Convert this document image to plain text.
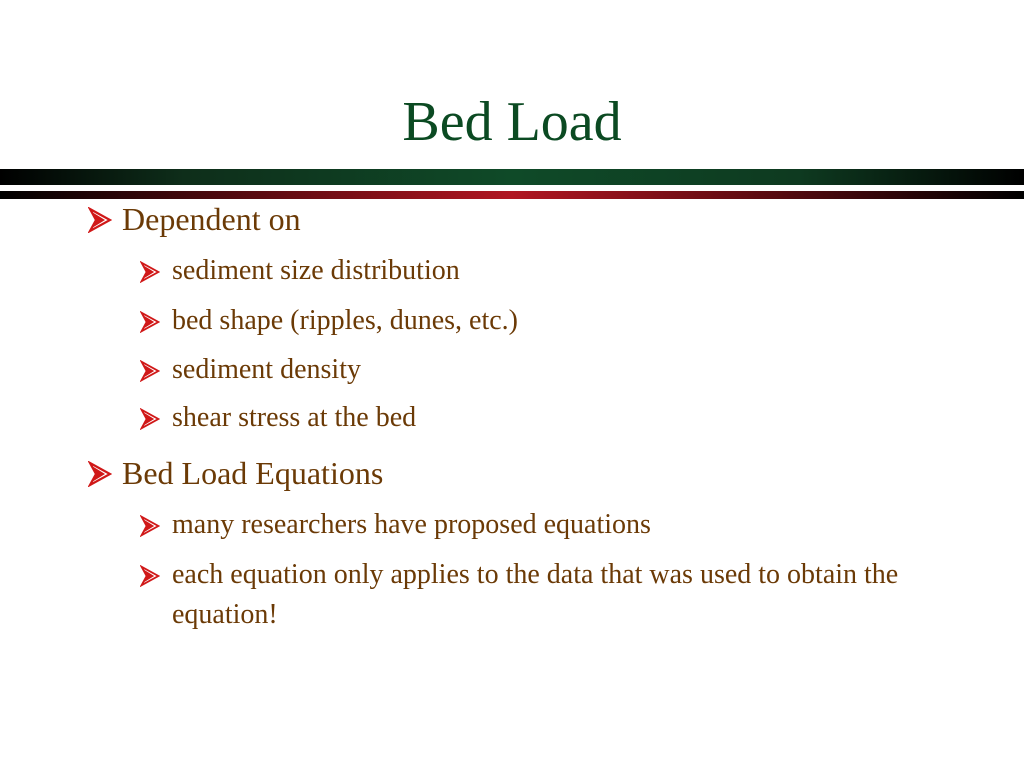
Bed Load
Dependent on
sediment size distribution
bed shape (ripples, dunes, etc.)
sediment density
shear stress at the bed
Bed Load Equations
many researchers have proposed equations
each equation only applies to the data that was used to obtain the equation!
